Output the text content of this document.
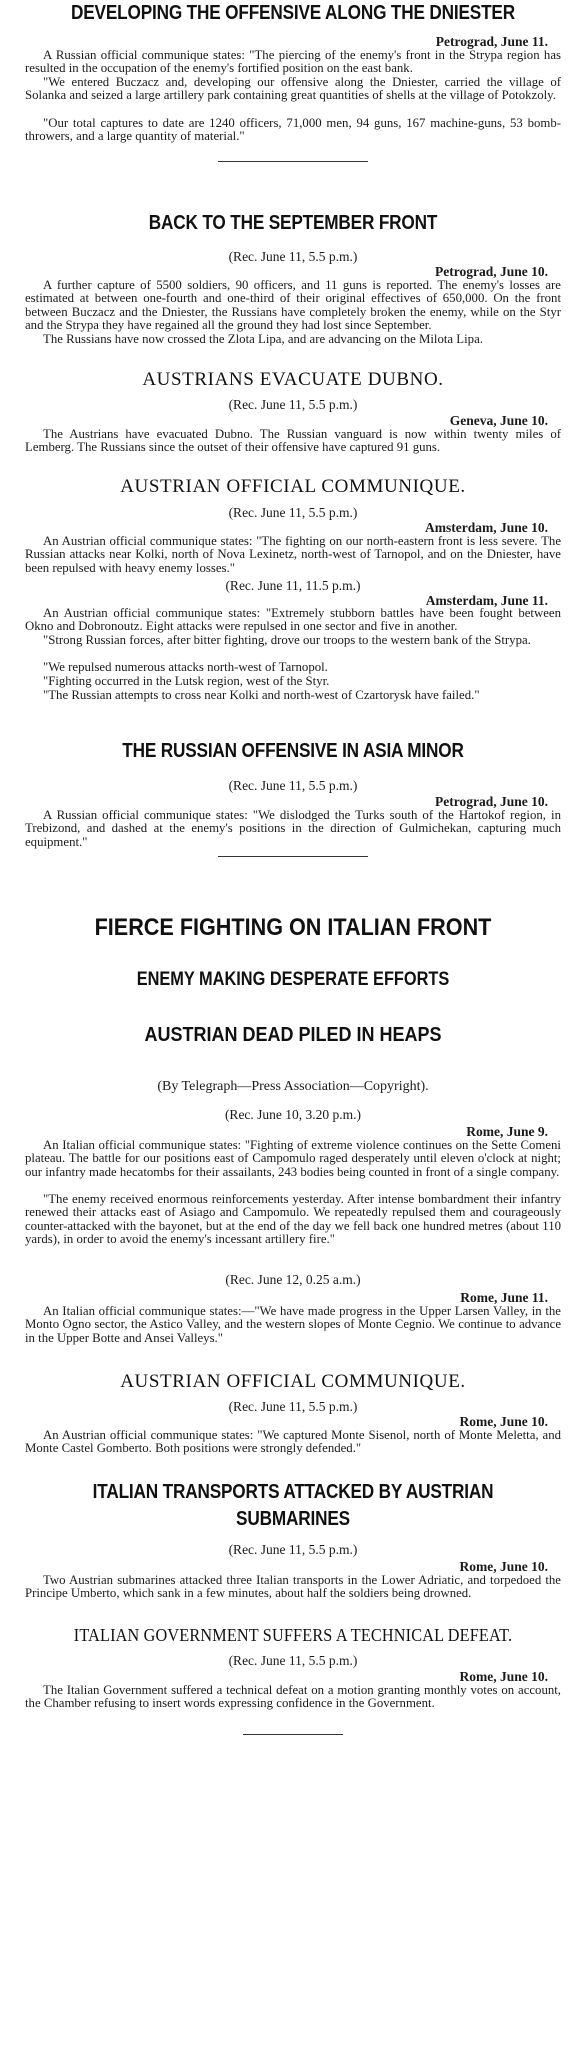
DEVELOPING THE OFFENSIVE ALONG THE DNIESTER
Petrograd, June 11.

A Russian official communique states: "The piercing of the enemy's front in the Strypa region has resulted in the occupation of the enemy's fortified position on the east bank.

"We entered Buczacz and, developing our offensive along the Dniester, carried the village of Solanka and seized a large artillery park containing great quantities of shells at the village of Potokzoly.

"Our total captures to date are 1240 officers, 71,000 men, 94 guns, 167 machine-guns, 53 bomb-throwers, and a large quantity of material."

BACK TO THE SEPTEMBER FRONT
(Rec. June 11, 5.5 p.m.)
Petrograd, June 10.

A further capture of 5500 soldiers, 90 officers, and 11 guns is reported. The enemy's losses are estimated at between one-fourth and one-third of their original effectives of 650,000. On the front between Buczacz and the Dniester, the Russians have completely broken the enemy, while on the Styr and the Strypa they have regained all the ground they had lost since September.

The Russians have now crossed the Zlota Lipa, and are advancing on the Milota Lipa.

AUSTRIANS EVACUATE DUBNO.
(Rec. June 11, 5.5 p.m.)
Geneva, June 10.

The Austrians have evacuated Dubno. The Russian vanguard is now within twenty miles of Lemberg. The Russians since the outset of their offensive have captured 91 guns.

AUSTRIAN OFFICIAL COMMUNIQUE.
(Rec. June 11, 5.5 p.m.)
Amsterdam, June 10.

An Austrian official communique states: "The fighting on our north-eastern front is less severe. The Russian attacks near Kolki, north of Nova Lexinetz, north-west of Tarnopol, and on the Dniester, have been repulsed with heavy enemy losses."

(Rec. June 11, 11.5 p.m.)
Amsterdam, June 11.

An Austrian official communique states: "Extremely stubborn battles have been fought between Okno and Dobronoutz. Eight attacks were repulsed in one sector and five in another.

"Strong Russian forces, after bitter fighting, drove our troops to the western bank of the Strypa.

"We repulsed numerous attacks north-west of Tarnopol.

"Fighting occurred in the Lutsk region, west of the Styr.

"The Russian attempts to cross near Kolki and north-west of Czartorysk have failed."

THE RUSSIAN OFFENSIVE IN ASIA MINOR
(Rec. June 11, 5.5 p.m.)
Petrograd, June 10.

A Russian official communique states: "We dislodged the Turks south of the Hartokof region, in Trebizond, and dashed at the enemy's positions in the direction of Gulmichekan, capturing much equipment."

FIERCE FIGHTING ON ITALIAN FRONT
ENEMY MAKING DESPERATE EFFORTS
AUSTRIAN DEAD PILED IN HEAPS
(By Telegraph—Press Association—Copyright).
(Rec. June 10, 3.20 p.m.)
Rome, June 9.

An Italian official communique states: "Fighting of extreme violence continues on the Sette Comeni plateau. The battle for our positions east of Campomulo raged desperately until eleven o'clock at night; our infantry made hecatombs for their assailants, 243 bodies being counted in front of a single company.

"The enemy received enormous reinforcements yesterday. After intense bombardment their infantry renewed their attacks east of Asiago and Campomulo. We repeatedly repulsed them and courageously counter-attacked with the bayonet, but at the end of the day we fell back one hundred metres (about 110 yards), in order to avoid the enemy's incessant artillery fire."

(Rec. June 12, 0.25 a.m.)
Rome, June 11.

An Italian official communique states:—"We have made progress in the Upper Larsen Valley, in the Monto Ogno sector, the Astico Valley, and the western slopes of Monte Cegnio. We continue to advance in the Upper Botte and Ansei Valleys."

AUSTRIAN OFFICIAL COMMUNIQUE.
(Rec. June 11, 5.5 p.m.)
Rome, June 10.

An Austrian official communique states: "We captured Monte Sisenol, north of Monte Meletta, and Monte Castel Gomberto. Both positions were strongly defended."

ITALIAN TRANSPORTS ATTACKED BY AUSTRIAN
SUBMARINES
(Rec. June 11, 5.5 p.m.)
Rome, June 10.

Two Austrian submarines attacked three Italian transports in the Lower Adriatic, and torpedoed the Principe Umberto, which sank in a few minutes, about half the soldiers being drowned.

ITALIAN GOVERNMENT SUFFERS A TECHNICAL DEFEAT.
(Rec. June 11, 5.5 p.m.)
Rome, June 10.

The Italian Government suffered a technical defeat on a motion granting monthly votes on account, the Chamber refusing to insert words expressing confidence in the Government.
